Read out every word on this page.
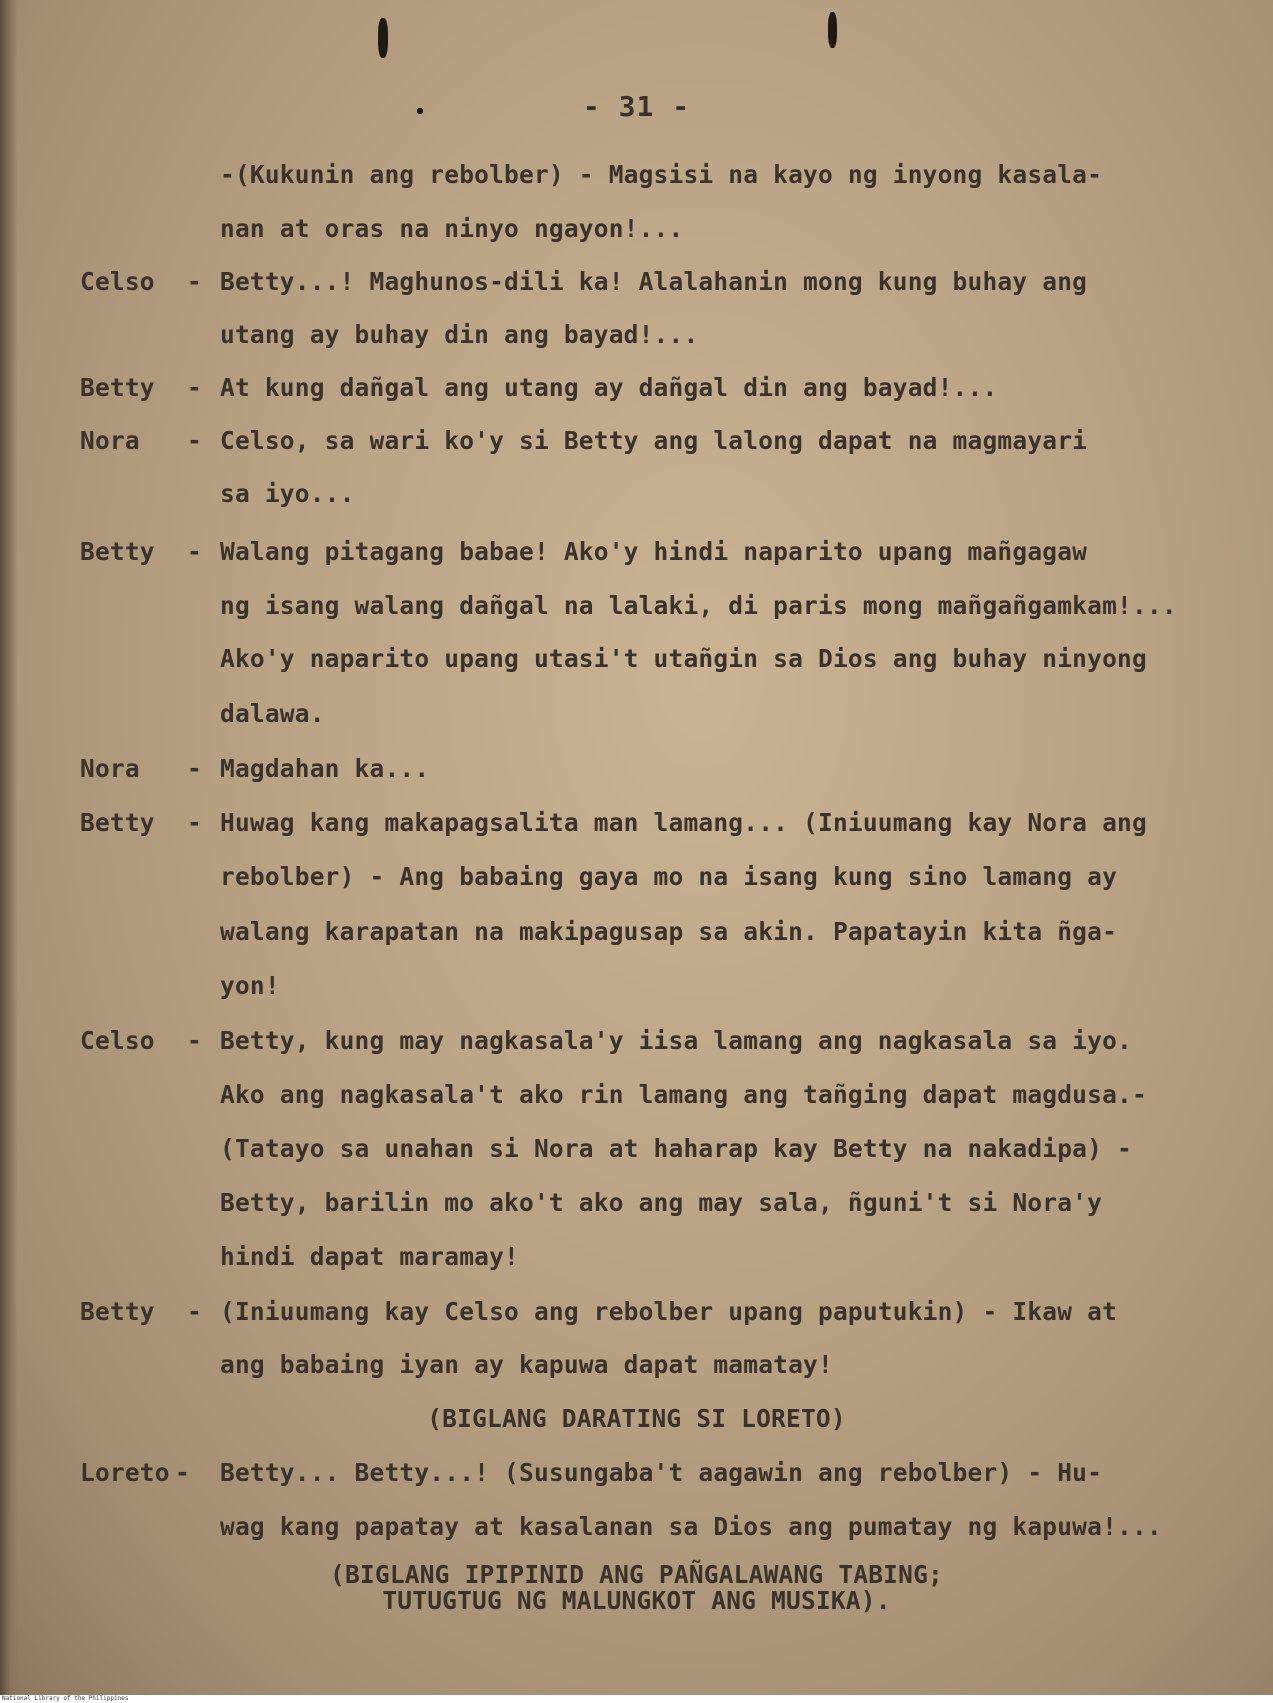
- 31 -
-(Kukunin ang rebolber) - Magsisi na kayo ng inyong kasala-
nan at oras na ninyo ngayon!...
Celso - Betty...! Maghunos-dili ka! Alalahanin mong kung buhay ang
utang ay buhay din ang bayad!...
Betty - At kung dañgal ang utang ay dañgal din ang bayad!...
Nora - Celso, sa wari ko'y si Betty ang lalong dapat na magmayari
sa iyo...
Betty - Walang pitagang babae! Ako'y hindi naparito upang mañgagaw
ng isang walang dañgal na lalaki, di paris mong mañgañgamkam!...
Ako'y naparito upang utasi't utañgin sa Dios ang buhay ninyong
dalawa.
Nora - Magdahan ka...
Betty - Huwag kang makapagsalita man lamang... (Iniuumang kay Nora ang
rebolber) - Ang babaing gaya mo na isang kung sino lamang ay
walang karapatan na makipagusap sa akin. Papatayin kita ñga-
yon!
Celso - Betty, kung may nagkasala'y iisa lamang ang nagkasala sa iyo.
Ako ang nagkasala't ako rin lamang ang tañging dapat magdusa.-
(Tatayo sa unahan si Nora at haharap kay Betty na nakadipa) -
Betty, barilin mo ako't ako ang may sala, ñguni't si Nora'y
hindi dapat maramay!
Betty - (Iniuumang kay Celso ang rebolber upang paputukin) - Ikaw at
ang babaing iyan ay kapuwa dapat mamatay!
(BIGLANG DARATING SI LORETO)
Loreto - Betty... Betty...! (Susungaba't aagawin ang rebolber) - Hu-
wag kang papatay at kasalanan sa Dios ang pumatay ng kapuwa!...
(BIGLANG IPIPINID ANG PAÑGALAWANG TABING;
TUTUGTUG NG MALUNGKOT ANG MUSIKA).
National Library of the Philippines
